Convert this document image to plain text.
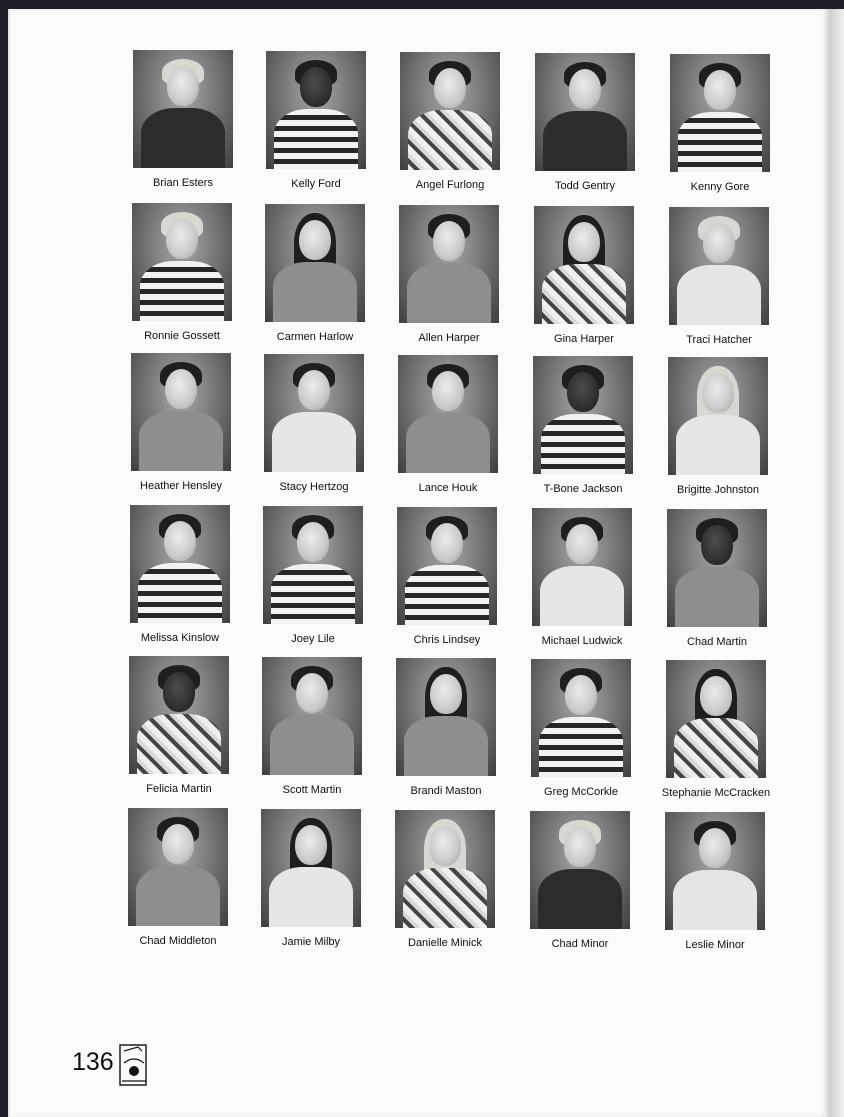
Brian Esters	Kelly Ford	Angel Furlong	Todd Gentry	Kenny Gore
Ronnie Gossett	Carmen Harlow	Allen Harper	Gina Harper	Traci Hatcher
Heather Hensley	Stacy Hertzog	Lance Houk	T-Bone Jackson	Brigitte Johnston
Melissa Kinslow	Joey Lile	Chris Lindsey	Michael Ludwick	Chad Martin
Felicia Martin	Scott Martin	Brandi Maston	Greg McCorkle	Stephanie McCracken
Chad Middleton	Jamie Milby	Danielle Minick	Chad Minor	Leslie Minor
136
